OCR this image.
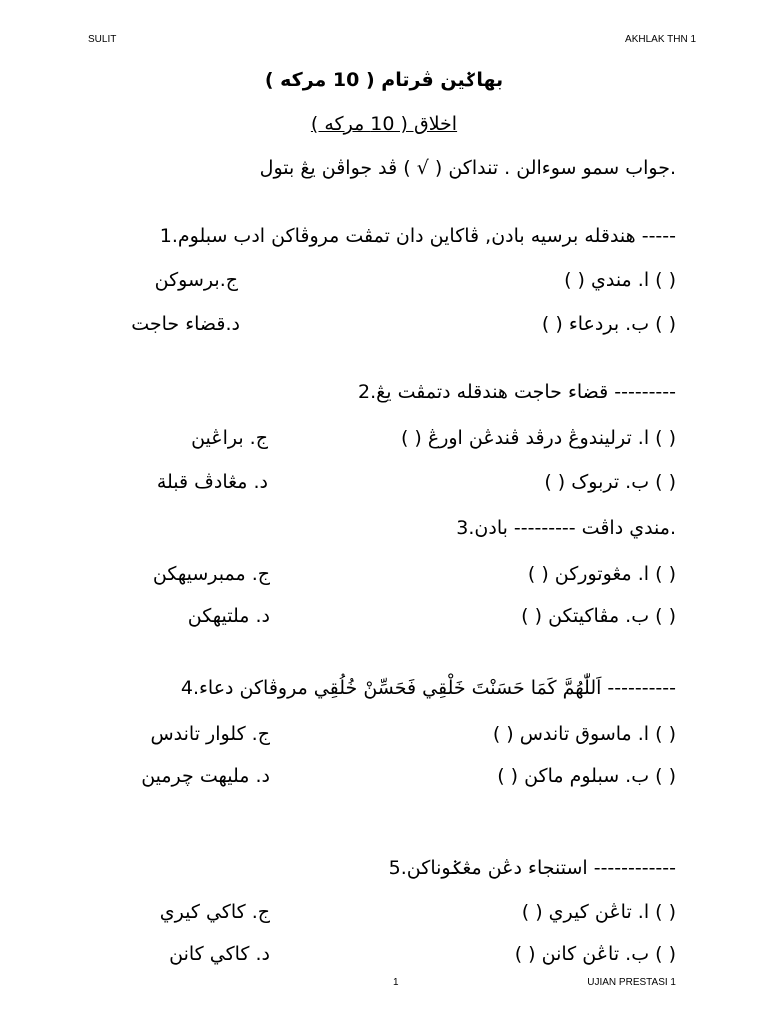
SULIT	AKHLAK THN 1
بهاݢين ڤرتام ( 10 مركه )
اخلاق ( 10 مركه )
.جواب سمو سوءالن . تنداكن ( √ ) ڤد جواڤن يڠ بتول
----- هندقله برسيه بادن, ڤاكاين دان تمڤت مروڤاكن ادب سبلوم.1
( ) ا. مندي ( )
ج.برسوكن
( ) ب. بردعاء ( )
د.قضاء حاجت
--------- قضاء حاجت هندقله دتمڤت يڠ.2
( ) ا. ترليندوڠ درڤد ڤندڠن اورڠ ( )
ج. براڠين
( ) ب. تربوک ( )
د. مڠادڤ قبلة
.مندي داڤت --------- بادن.3
( ) ا. مڠوتوركن ( )
ج. ممبرسيهكن
( ) ب. مڤاكيتكن ( )
د. ملتيهكن
---------- اَللّٰهُمَّ كَمَا حَسَنْتَ خَلْقِي فَحَسِّنْ خُلُقِي مروڤاكن دعاء.4
( ) ا. ماسوق تاندس ( )
ج. كلوار تاندس
( ) ب. سبلوم ماكن ( )
د. مليهت چرمين
------------ استنجاء دڠن مڠݢوناكن.5
( ) ا. تاڠن كيري ( )
ج. كاكي كيري
( ) ب. تاڠن كانن ( )
د. كاكي كانن
1	UJIAN PRESTASI 1
